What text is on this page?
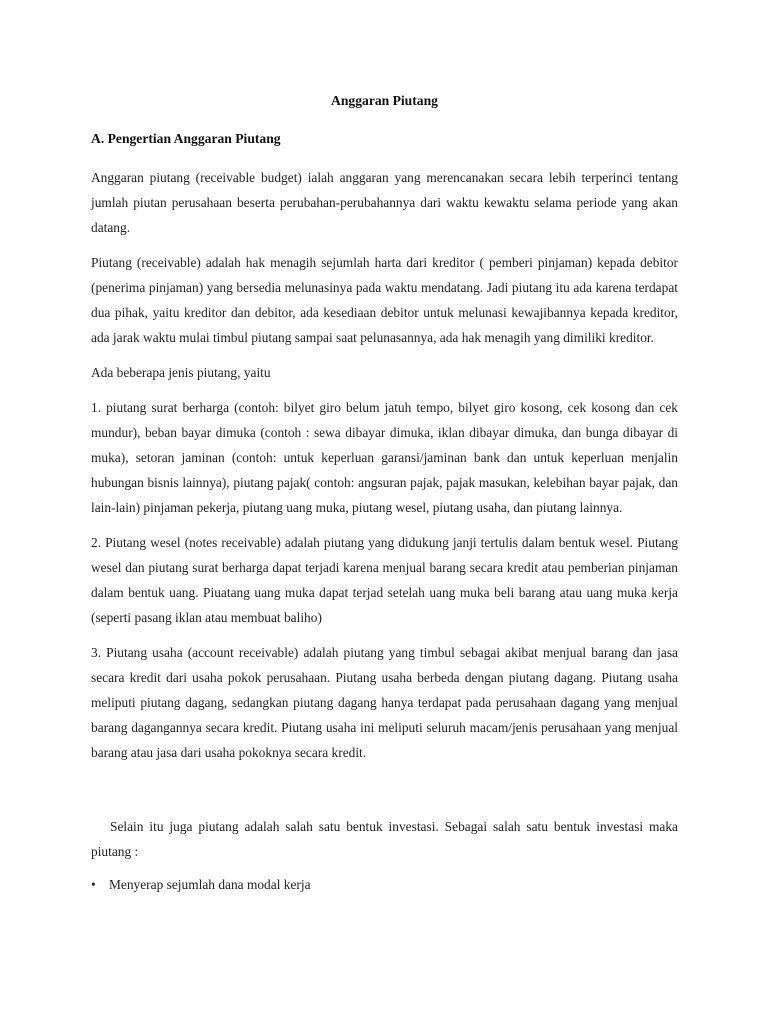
Anggaran Piutang
A. Pengertian Anggaran Piutang

Anggaran piutang (receivable budget) ialah anggaran yang merencanakan secara lebih terperinci tentang jumlah piutan perusahaan beserta perubahan-perubahannya dari waktu kewaktu selama periode yang akan datang.

Piutang (receivable) adalah hak menagih sejumlah harta dari kreditor ( pemberi pinjaman) kepada debitor (penerima pinjaman) yang bersedia melunasinya pada waktu mendatang. Jadi piutang itu ada karena terdapat dua pihak, yaitu kreditor dan debitor, ada kesediaan debitor untuk melunasi kewajibannya kepada kreditor, ada jarak waktu mulai timbul piutang sampai saat pelunasannya, ada hak menagih yang dimiliki kreditor.

Ada beberapa jenis piutang, yaitu

1. piutang surat berharga (contoh: bilyet giro belum jatuh tempo, bilyet giro kosong, cek kosong dan cek mundur), beban bayar dimuka (contoh : sewa dibayar dimuka, iklan dibayar dimuka, dan bunga dibayar di muka), setoran jaminan (contoh: untuk keperluan garansi/jaminan bank dan untuk keperluan menjalin hubungan bisnis lainnya), piutang pajak( contoh: angsuran pajak, pajak masukan, kelebihan bayar pajak, dan lain-lain) pinjaman pekerja, piutang uang muka, piutang wesel, piutang usaha, dan piutang lainnya.

2. Piutang wesel (notes receivable) adalah piutang yang didukung janji tertulis dalam bentuk wesel. Piutang wesel dan piutang surat berharga dapat terjadi karena menjual barang secara kredit atau pemberian pinjaman dalam bentuk uang. Piuatang uang muka dapat terjad setelah uang muka beli barang atau uang muka kerja (seperti pasang iklan atau membuat baliho)

3. Piutang usaha (account receivable) adalah piutang yang timbul sebagai akibat menjual barang dan jasa secara kredit dari usaha pokok perusahaan. Piutang usaha berbeda dengan piutang dagang. Piutang usaha meliputi piutang dagang, sedangkan piutang dagang hanya terdapat pada perusahaan dagang yang menjual barang dagangannya secara kredit. Piutang usaha ini meliputi seluruh macam/jenis perusahaan yang menjual barang atau jasa dari usaha pokoknya secara kredit.

Selain itu juga piutang adalah salah satu bentuk investasi. Sebagai salah satu bentuk investasi maka piutang :

• Menyerap sejumlah dana modal kerja
